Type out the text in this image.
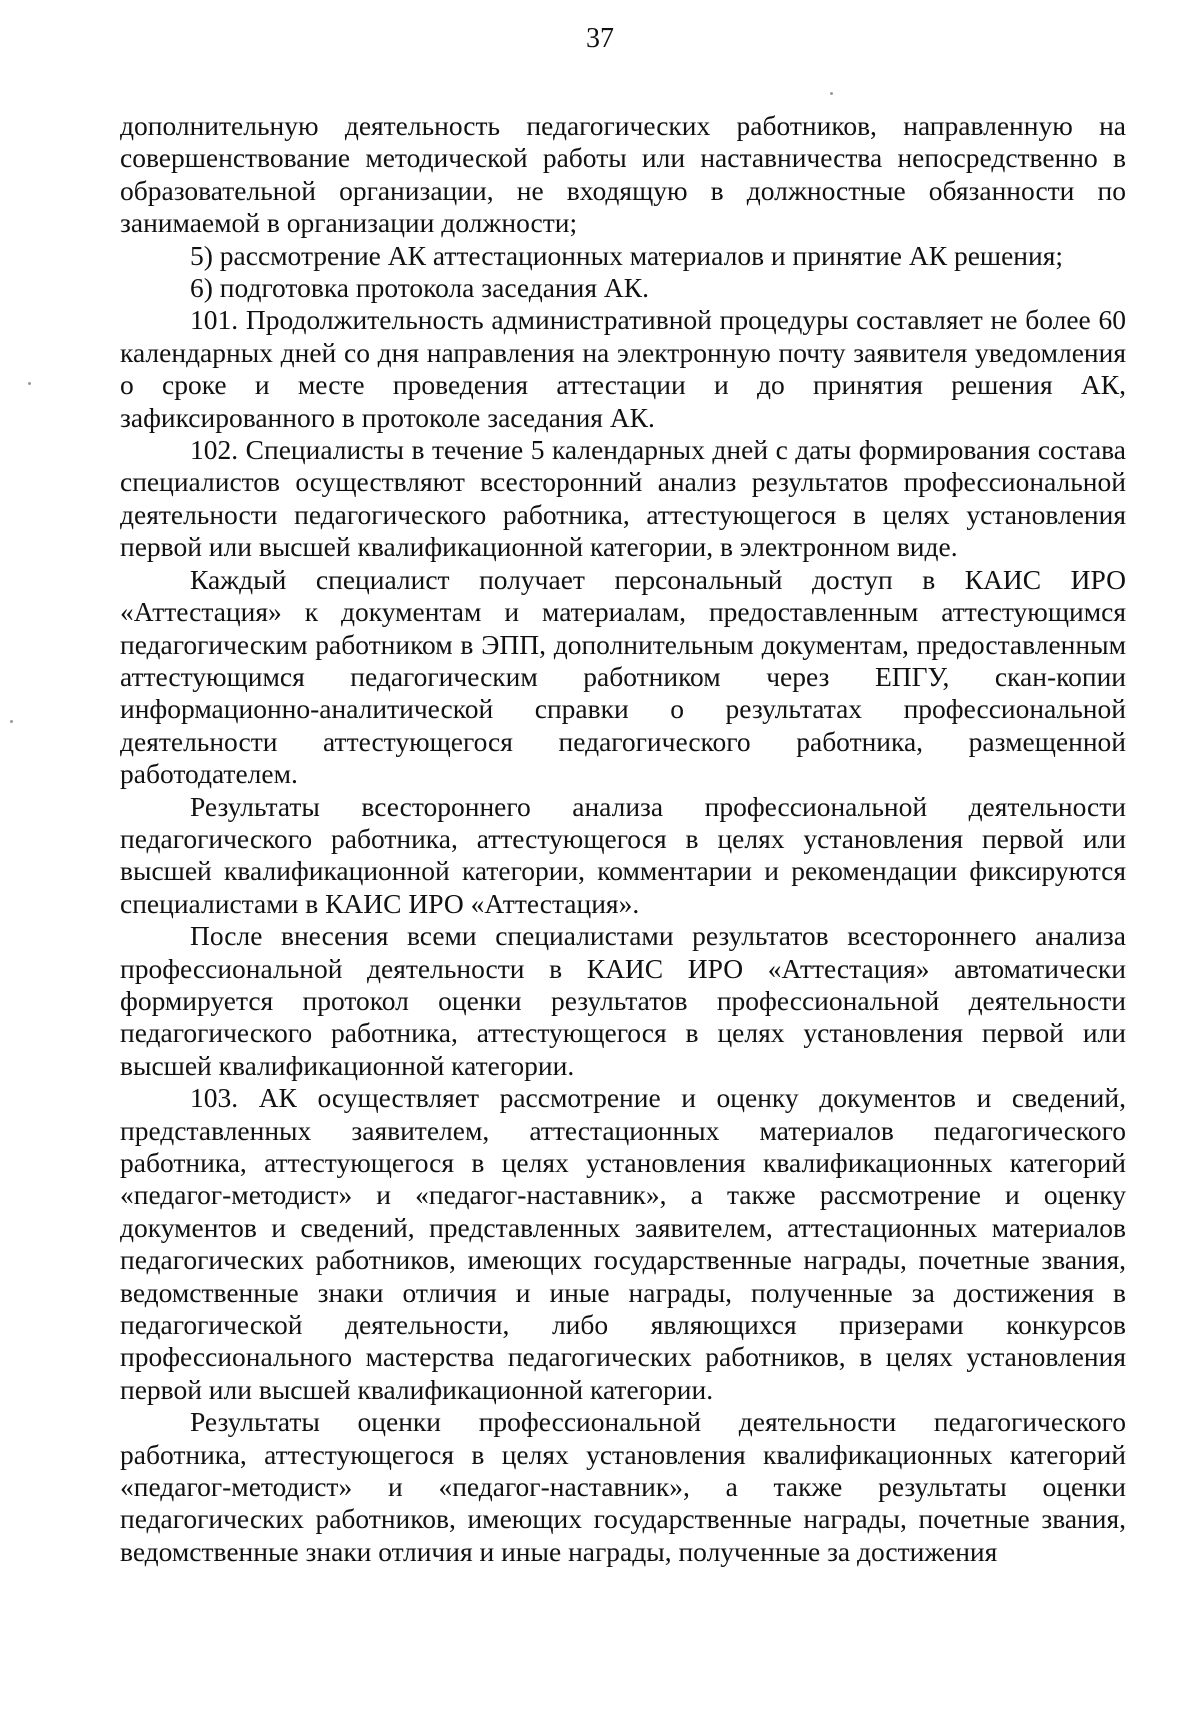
37

дополнительную деятельность педагогических работников, направленную на совершенствование методической работы или наставничества непосредственно в образовательной организации, не входящую в должностные обязанности по занимаемой в организации должности;

5) рассмотрение АК аттестационных материалов и принятие АК решения;

6) подготовка протокола заседания АК.

101. Продолжительность административной процедуры составляет не более 60 календарных дней со дня направления на электронную почту заявителя уведомления о сроке и месте проведения аттестации и до принятия решения АК, зафиксированного в протоколе заседания АК.

102. Специалисты в течение 5 календарных дней с даты формирования состава специалистов осуществляют всесторонний анализ результатов профессиональной деятельности педагогического работника, аттестующегося в целях установления первой или высшей квалификационной категории, в электронном виде.

Каждый специалист получает персональный доступ в КАИС ИРО «Аттестация» к документам и материалам, предоставленным аттестующимся педагогическим работником в ЭПП, дополнительным документам, предоставленным аттестующимся педагогическим работником через ЕПГУ, скан-копии информационно-аналитической справки о результатах профессиональной деятельности аттестующегося педагогического работника, размещенной работодателем.

Результаты всестороннего анализа профессиональной деятельности педагогического работника, аттестующегося в целях установления первой или высшей квалификационной категории, комментарии и рекомендации фиксируются специалистами в КАИС ИРО «Аттестация».

После внесения всеми специалистами результатов всестороннего анализа профессиональной деятельности в КАИС ИРО «Аттестация» автоматически формируется протокол оценки результатов профессиональной деятельности педагогического работника, аттестующегося в целях установления первой или высшей квалификационной категории.

103. АК осуществляет рассмотрение и оценку документов и сведений, представленных заявителем, аттестационных материалов педагогического работника, аттестующегося в целях установления квалификационных категорий «педагог-методист» и «педагог-наставник», а также рассмотрение и оценку документов и сведений, представленных заявителем, аттестационных материалов педагогических работников, имеющих государственные награды, почетные звания, ведомственные знаки отличия и иные награды, полученные за достижения в педагогической деятельности, либо являющихся призерами конкурсов профессионального мастерства педагогических работников, в целях установления первой или высшей квалификационной категории.

Результаты оценки профессиональной деятельности педагогического работника, аттестующегося в целях установления квалификационных категорий «педагог-методист» и «педагог-наставник», а также результаты оценки педагогических работников, имеющих государственные награды, почетные звания, ведомственные знаки отличия и иные награды, полученные за достижения
